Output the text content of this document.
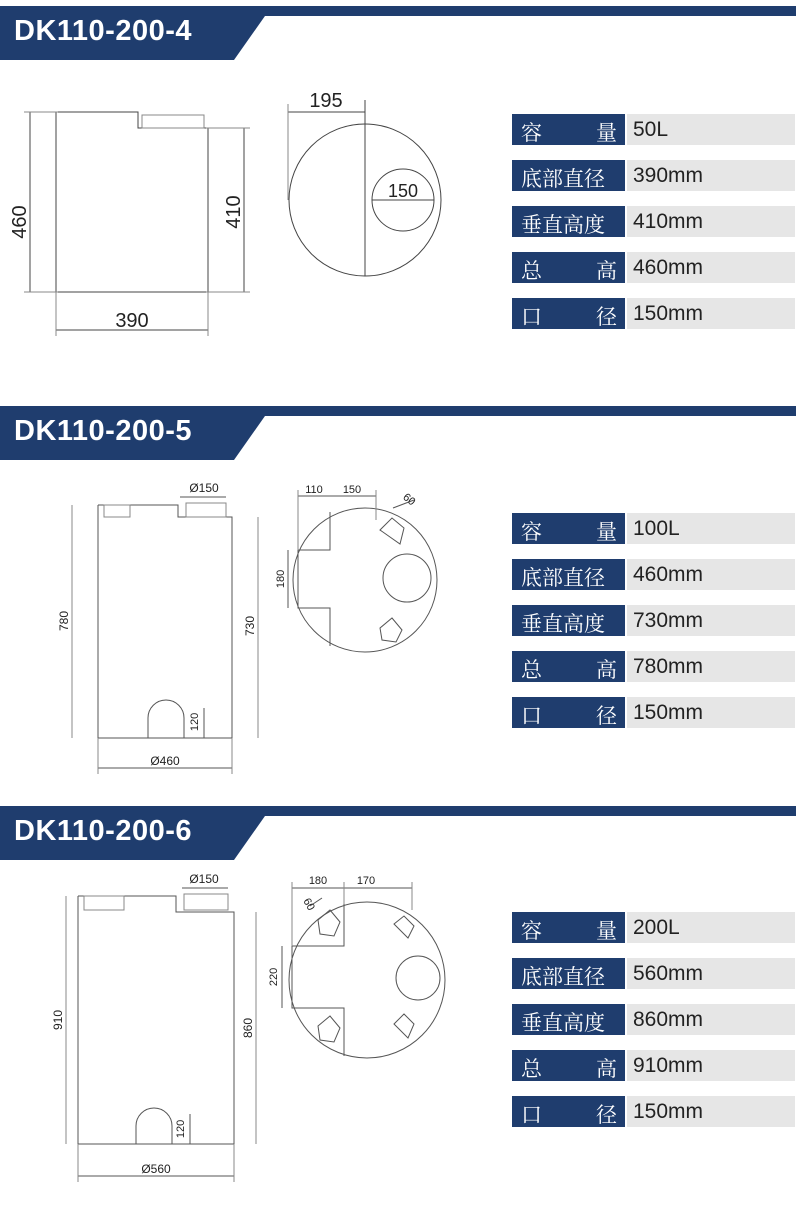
DK110-200-4
460	410
390
195
150
容	量 50L
底部直径	390mm
垂直高度	410mm
总	高 460mm
口	径 150mm
DK110-200-5
Ø150
780	730
120
Ø460
110 150
180
60
容	量 100L
底部直径	460mm
垂直高度	730mm
总	高 780mm
口	径 150mm
DK110-200-6
Ø150
910	860
120
Ø560
180	170
220
60
容	量 200L
底部直径	560mm
垂直高度	860mm
总	高 910mm
口	径 150mm
